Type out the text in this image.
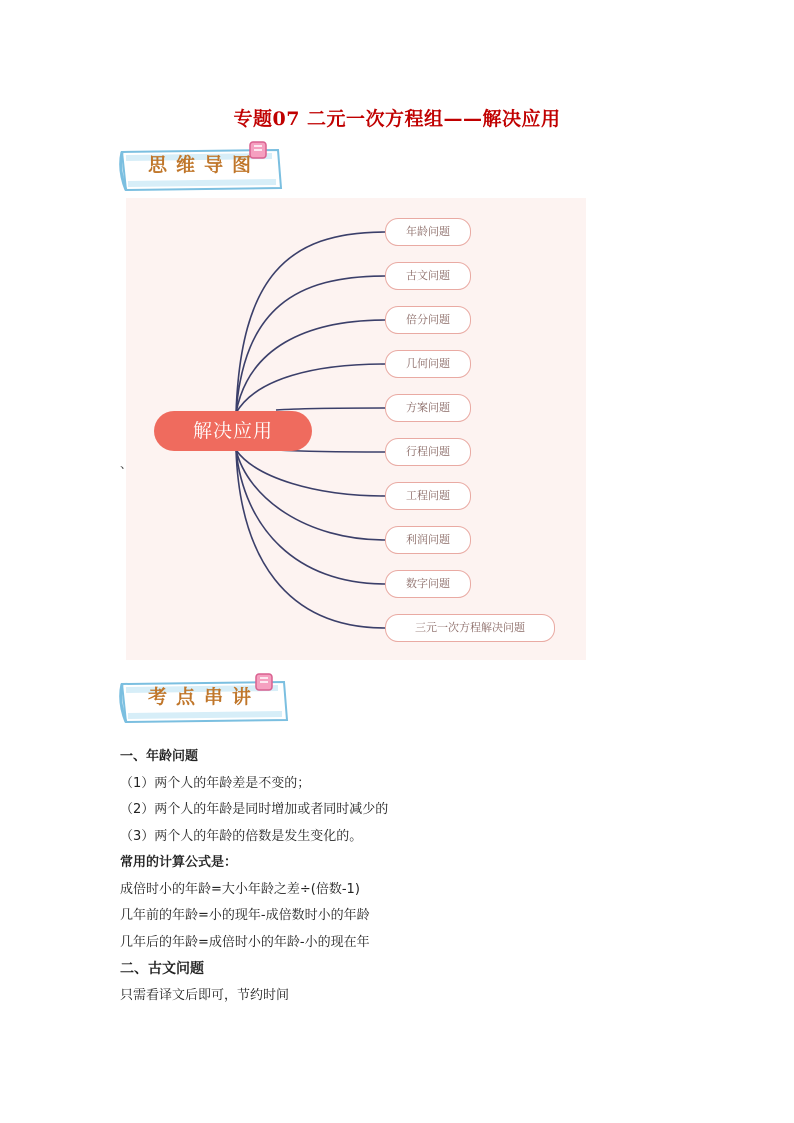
专题07 二元一次方程组——解决应用
思维导图
解决应用
年龄问题
古文问题
倍分问题
几何问题
方案问题
行程问题
工程问题
利润问题
数字问题
三元一次方程解决问题
、
考点串讲

一、年龄问题

（1）两个人的年龄差是不变的；

（2）两个人的年龄是同时增加或者同时减少的

（3）两个人的年龄的倍数是发生变化的。

常用的计算公式是：

成倍时小的年龄=大小年龄之差÷(倍数-1)

几年前的年龄=小的现年-成倍数时小的年龄

几年后的年龄=成倍时小的年龄-小的现在年

二、古文问题

只需看译文后即可，节约时间
